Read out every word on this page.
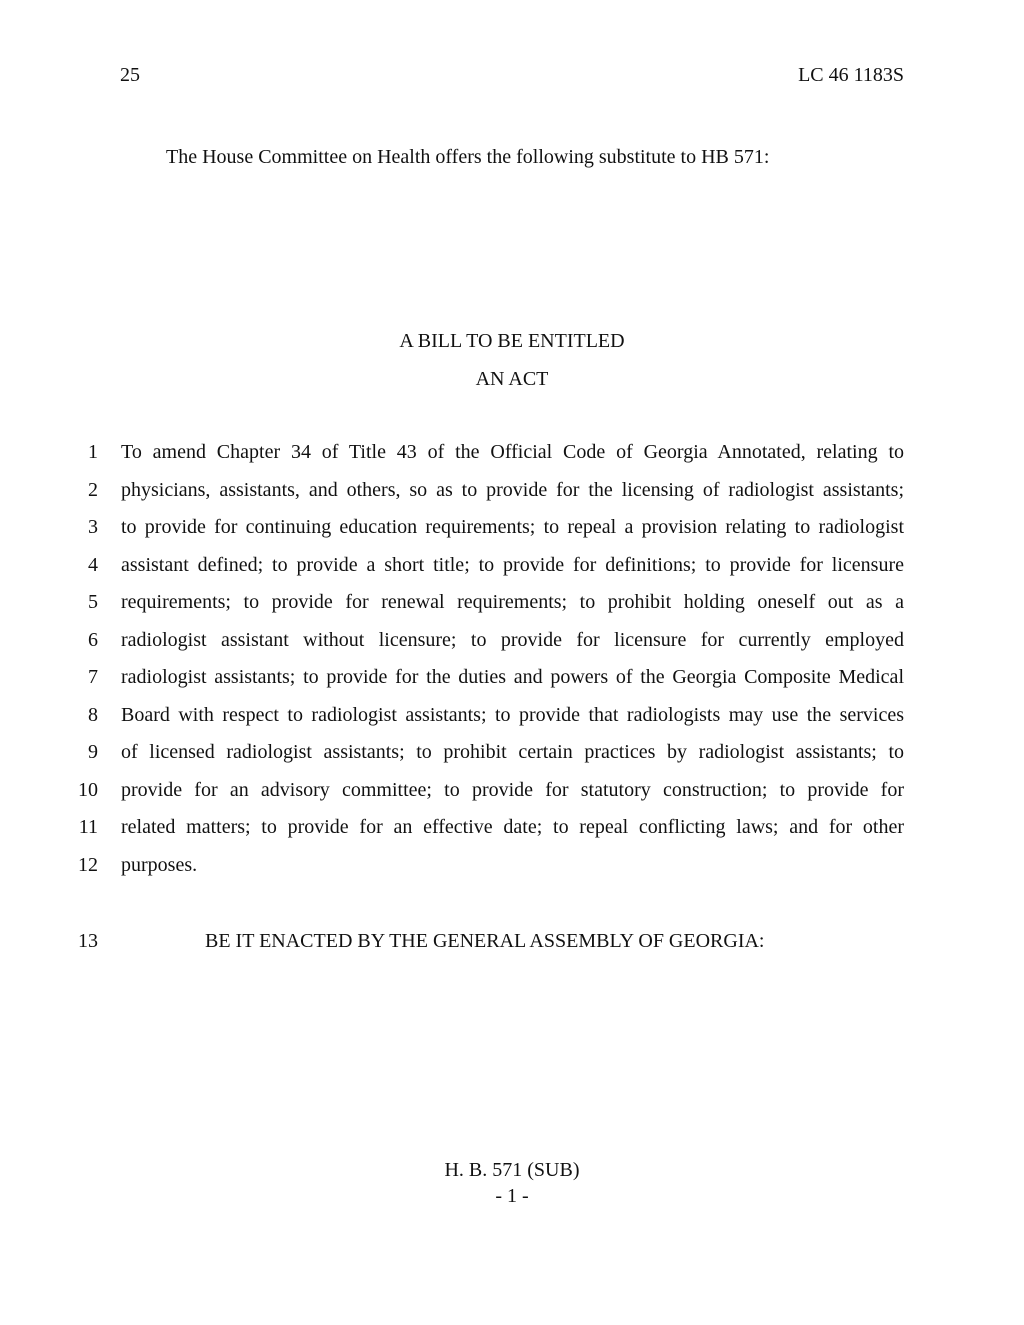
25	LC 46 1183S
The House Committee on Health offers the following substitute to HB 571:
A BILL TO BE ENTITLED
AN ACT
1 To amend Chapter 34 of Title 43 of the Official Code of Georgia Annotated, relating to
2 physicians, assistants, and others, so as to provide for the licensing of radiologist assistants;
3 to provide for continuing education requirements; to repeal a provision relating to radiologist
4 assistant defined; to provide a short title; to provide for definitions; to provide for licensure
5 requirements; to provide for renewal requirements; to prohibit holding oneself out as a
6 radiologist assistant without licensure; to provide for licensure for currently employed
7 radiologist assistants; to provide for the duties and powers of the Georgia Composite Medical
8 Board with respect to radiologist assistants; to provide that radiologists may use the services
9 of licensed radiologist assistants; to prohibit certain practices by radiologist assistants; to
10 provide for an advisory committee; to provide for statutory construction; to provide for
11 related matters; to provide for an effective date; to repeal conflicting laws; and for other
12 purposes.
13	BE IT ENACTED BY THE GENERAL ASSEMBLY OF GEORGIA:
H. B. 571 (SUB)
- 1 -
